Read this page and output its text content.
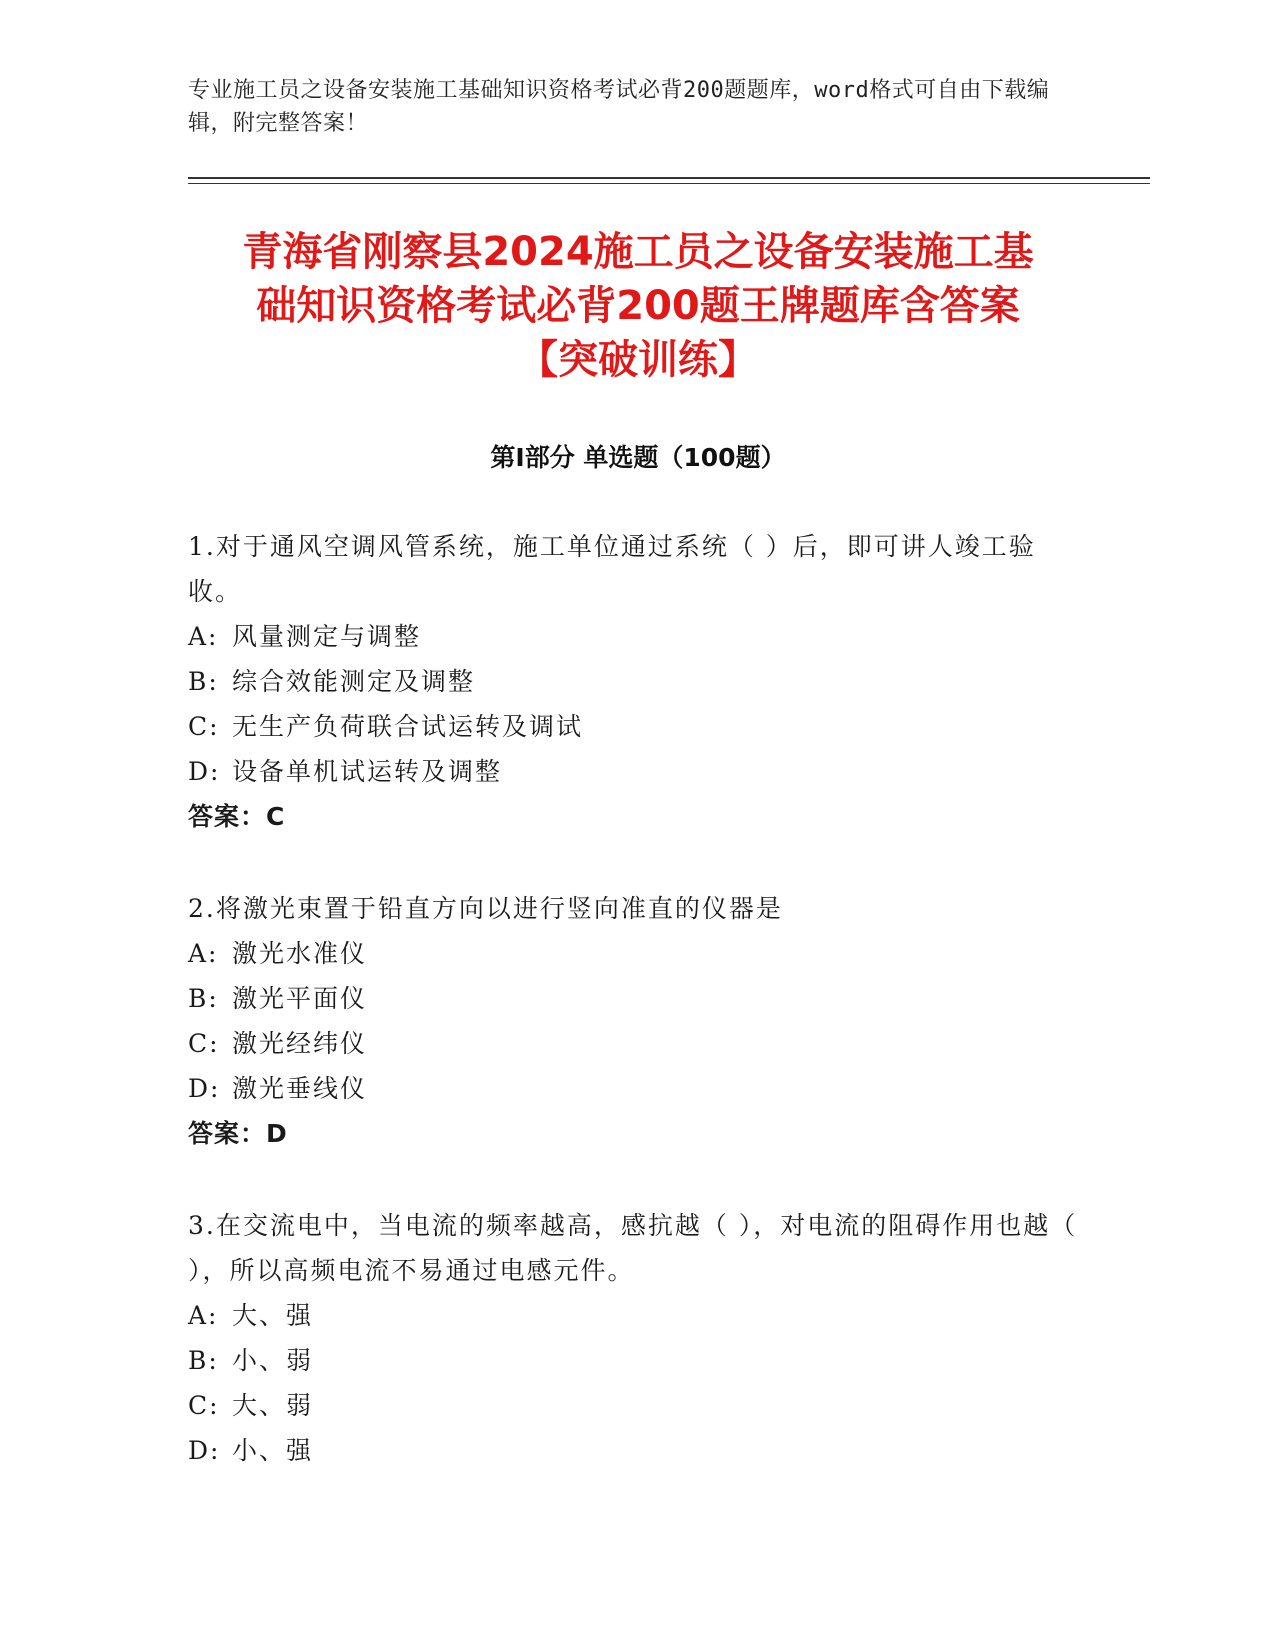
专业施工员之设备安装施工基础知识资格考试必背200题题库，word格式可自由下载编辑，附完整答案！
青海省刚察县2024施工员之设备安装施工基
础知识资格考试必背200题王牌题库含答案
【突破训练】
第Ⅰ部分 单选题（100题）
1.对于通风空调风管系统，施工单位通过系统（ ）后，即可讲人竣工验收。
A: 风量测定与调整
B: 综合效能测定及调整
C: 无生产负荷联合试运转及调试
D: 设备单机试运转及调整
答案：C
2.将激光束置于铅直方向以进行竖向准直的仪器是
A: 激光水准仪
B: 激光平面仪
C: 激光经纬仪
D: 激光垂线仪
答案：D
3.在交流电中，当电流的频率越高，感抗越（ ），对电流的阻碍作用也越（ ），所以高频电流不易通过电感元件。
A: 大、强
B: 小、弱
C: 大、弱
D: 小、强
